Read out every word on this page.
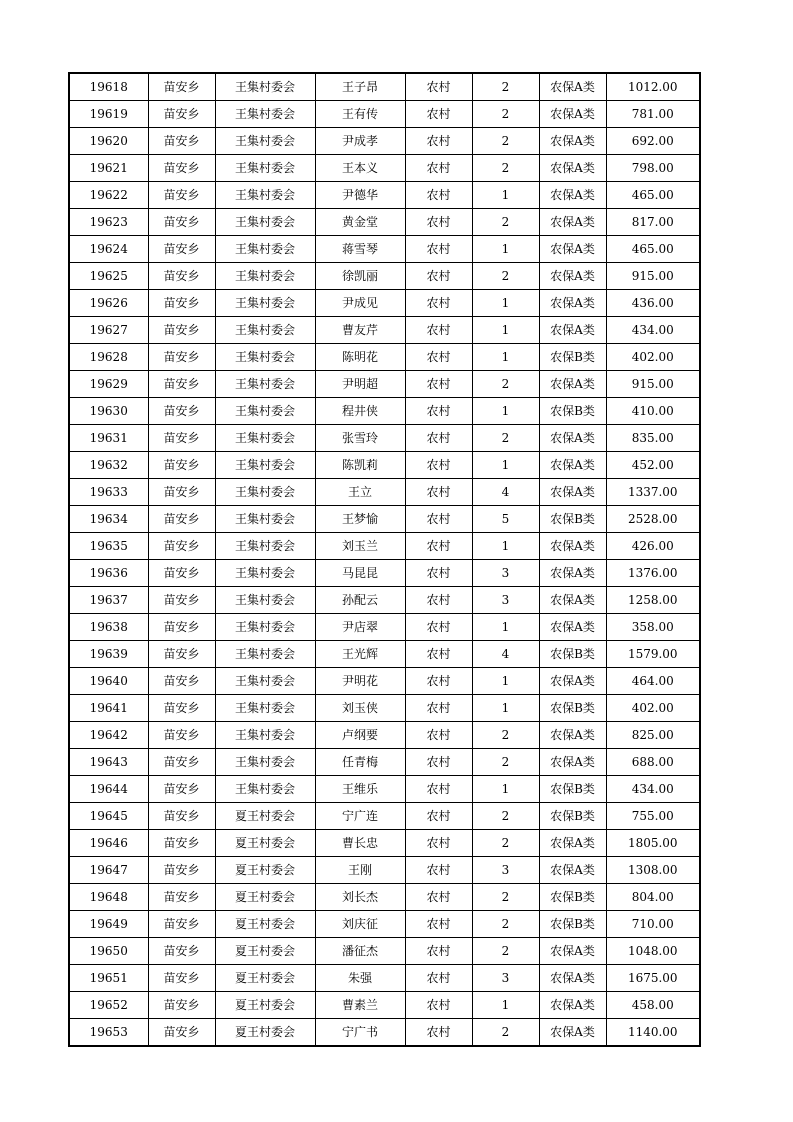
19618	苗安乡	王集村委会	王子昂	农村	2	农保A类	1012.00
19619	苗安乡	王集村委会	王有传	农村	2	农保A类	781.00
19620	苗安乡	王集村委会	尹成孝	农村	2	农保A类	692.00
19621	苗安乡	王集村委会	王本义	农村	2	农保A类	798.00
19622	苗安乡	王集村委会	尹德华	农村	1	农保A类	465.00
19623	苗安乡	王集村委会	黄金堂	农村	2	农保A类	817.00
19624	苗安乡	王集村委会	蒋雪琴	农村	1	农保A类	465.00
19625	苗安乡	王集村委会	徐凯丽	农村	2	农保A类	915.00
19626	苗安乡	王集村委会	尹成见	农村	1	农保A类	436.00
19627	苗安乡	王集村委会	曹友芹	农村	1	农保A类	434.00
19628	苗安乡	王集村委会	陈明花	农村	1	农保B类	402.00
19629	苗安乡	王集村委会	尹明超	农村	2	农保A类	915.00
19630	苗安乡	王集村委会	程井侠	农村	1	农保B类	410.00
19631	苗安乡	王集村委会	张雪玲	农村	2	农保A类	835.00
19632	苗安乡	王集村委会	陈凯莉	农村	1	农保A类	452.00
19633	苗安乡	王集村委会	王立	农村	4	农保A类	1337.00
19634	苗安乡	王集村委会	王梦愉	农村	5	农保B类	2528.00
19635	苗安乡	王集村委会	刘玉兰	农村	1	农保A类	426.00
19636	苗安乡	王集村委会	马昆昆	农村	3	农保A类	1376.00
19637	苗安乡	王集村委会	孙配云	农村	3	农保A类	1258.00
19638	苗安乡	王集村委会	尹店翠	农村	1	农保A类	358.00
19639	苗安乡	王集村委会	王光辉	农村	4	农保B类	1579.00
19640	苗安乡	王集村委会	尹明花	农村	1	农保A类	464.00
19641	苗安乡	王集村委会	刘玉侠	农村	1	农保B类	402.00
19642	苗安乡	王集村委会	卢纲要	农村	2	农保A类	825.00
19643	苗安乡	王集村委会	任青梅	农村	2	农保A类	688.00
19644	苗安乡	王集村委会	王维乐	农村	1	农保B类	434.00
19645	苗安乡	夏王村委会	宁广连	农村	2	农保B类	755.00
19646	苗安乡	夏王村委会	曹长忠	农村	2	农保A类	1805.00
19647	苗安乡	夏王村委会	王刚	农村	3	农保A类	1308.00
19648	苗安乡	夏王村委会	刘长杰	农村	2	农保B类	804.00
19649	苗安乡	夏王村委会	刘庆征	农村	2	农保B类	710.00
19650	苗安乡	夏王村委会	潘征杰	农村	2	农保A类	1048.00
19651	苗安乡	夏王村委会	朱强	农村	3	农保A类	1675.00
19652	苗安乡	夏王村委会	曹素兰	农村	1	农保A类	458.00
19653	苗安乡	夏王村委会	宁广书	农村	2	农保A类	1140.00
